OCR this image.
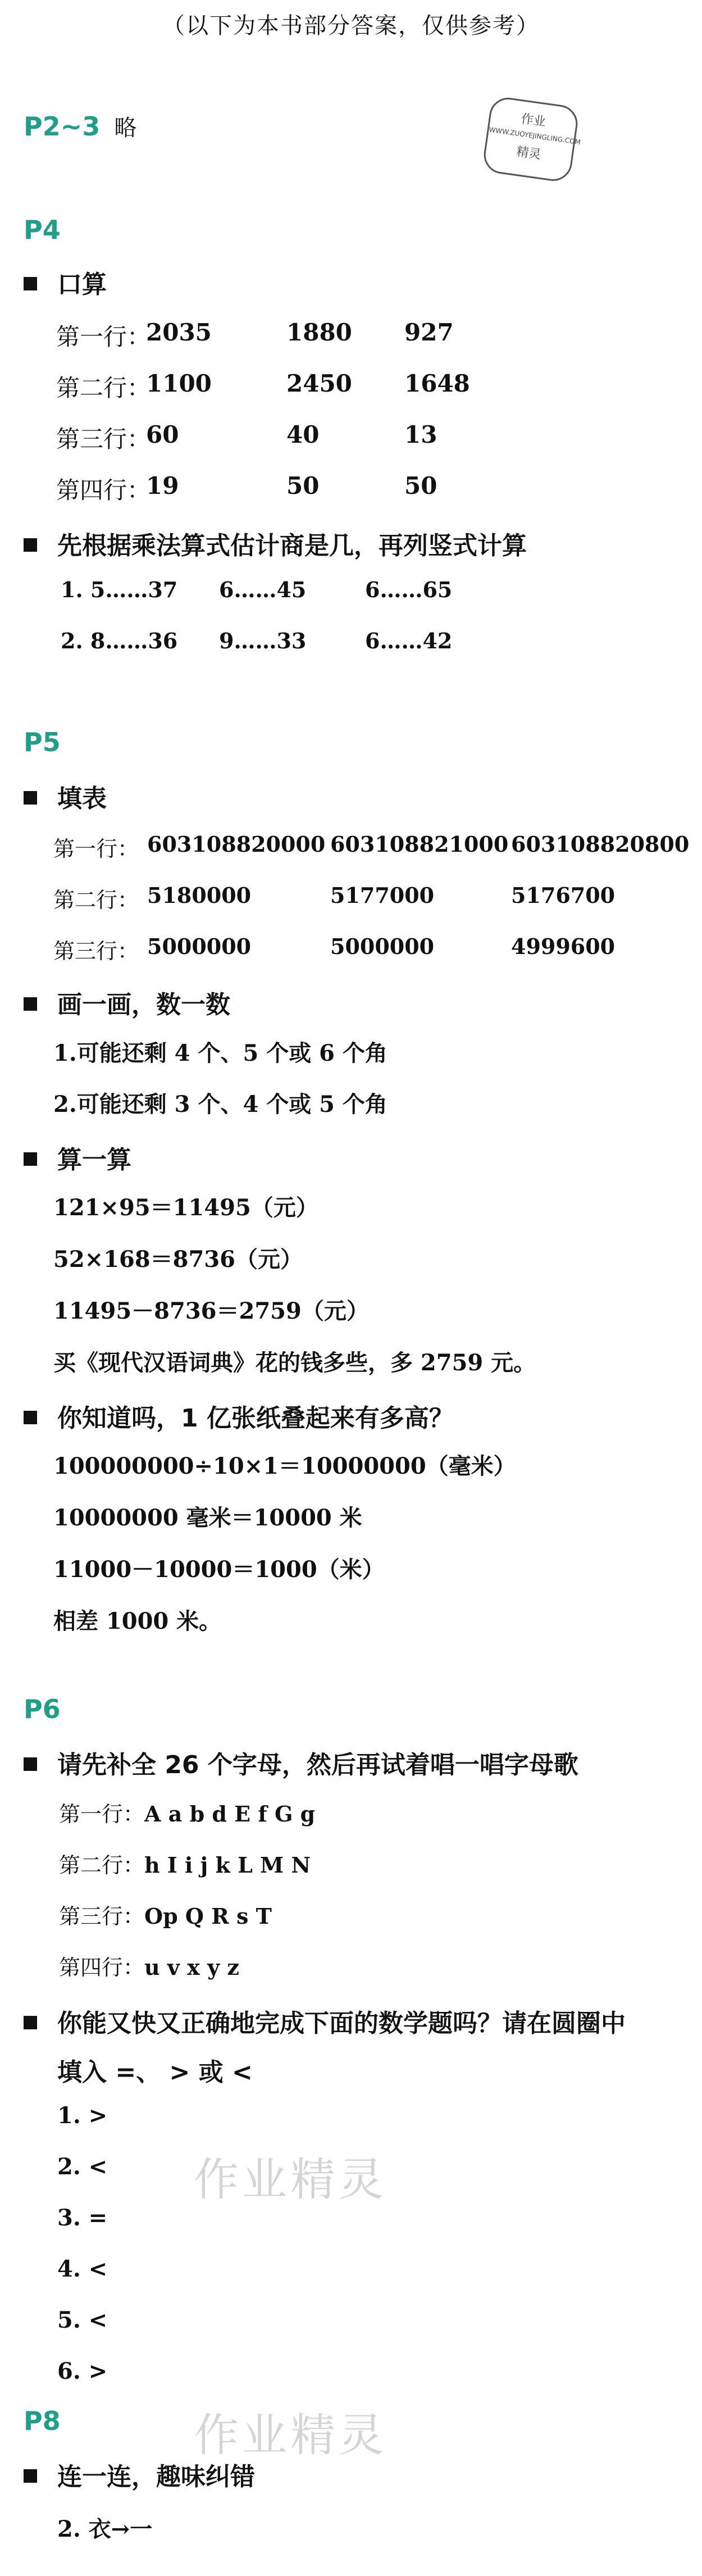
（以下为本书部分答案，仅供参考）
P2~3 略	作业
WWW.ZUOYEJINGLING.COM
精灵
P4
口算
第一行：
2035	1880 927
第二行：
1100	2450 1648
第三行：
60	40	13
第四行：
19	50	50
先根据乘法算式估计商是几，再列竖式计算
1. 5……37 6……45	6……65
2. 8……36 9……33	6……42
P5
填表
第一行： 603108820000 603108821000 603108820800
第二行： 5180000	5177000	5176700
第三行： 5000000	5000000	4999600
画一画，数一数
1.可能还剩 4 个、5 个或 6 个角
2.可能还剩 3 个、4 个或 5 个角
算一算
121×95＝11495（元）
52×168＝8736（元）
11495－8736＝2759（元）
买《现代汉语词典》花的钱多些，多 2759 元。
你知道吗，1 亿张纸叠起来有多高？
100000000÷10×1＝10000000（毫米）
10000000 毫米＝10000 米
11000－10000＝1000（米）
相差 1000 米。
P6
请先补全 26 个字母，然后再试着唱一唱字母歌
第一行：A a b d E f G g
第二行：h I i j k L M N
第三行：Op Q R s T
第四行：u v x y z
你能又快又正确地完成下面的数学题吗？请在圆圈中
填入 =、 > 或 <
1. >
2. <
3. =
4. <
5. <
6. >
作业精灵
P8	作业精灵
连一连，趣味纠错
2. 衣→一
